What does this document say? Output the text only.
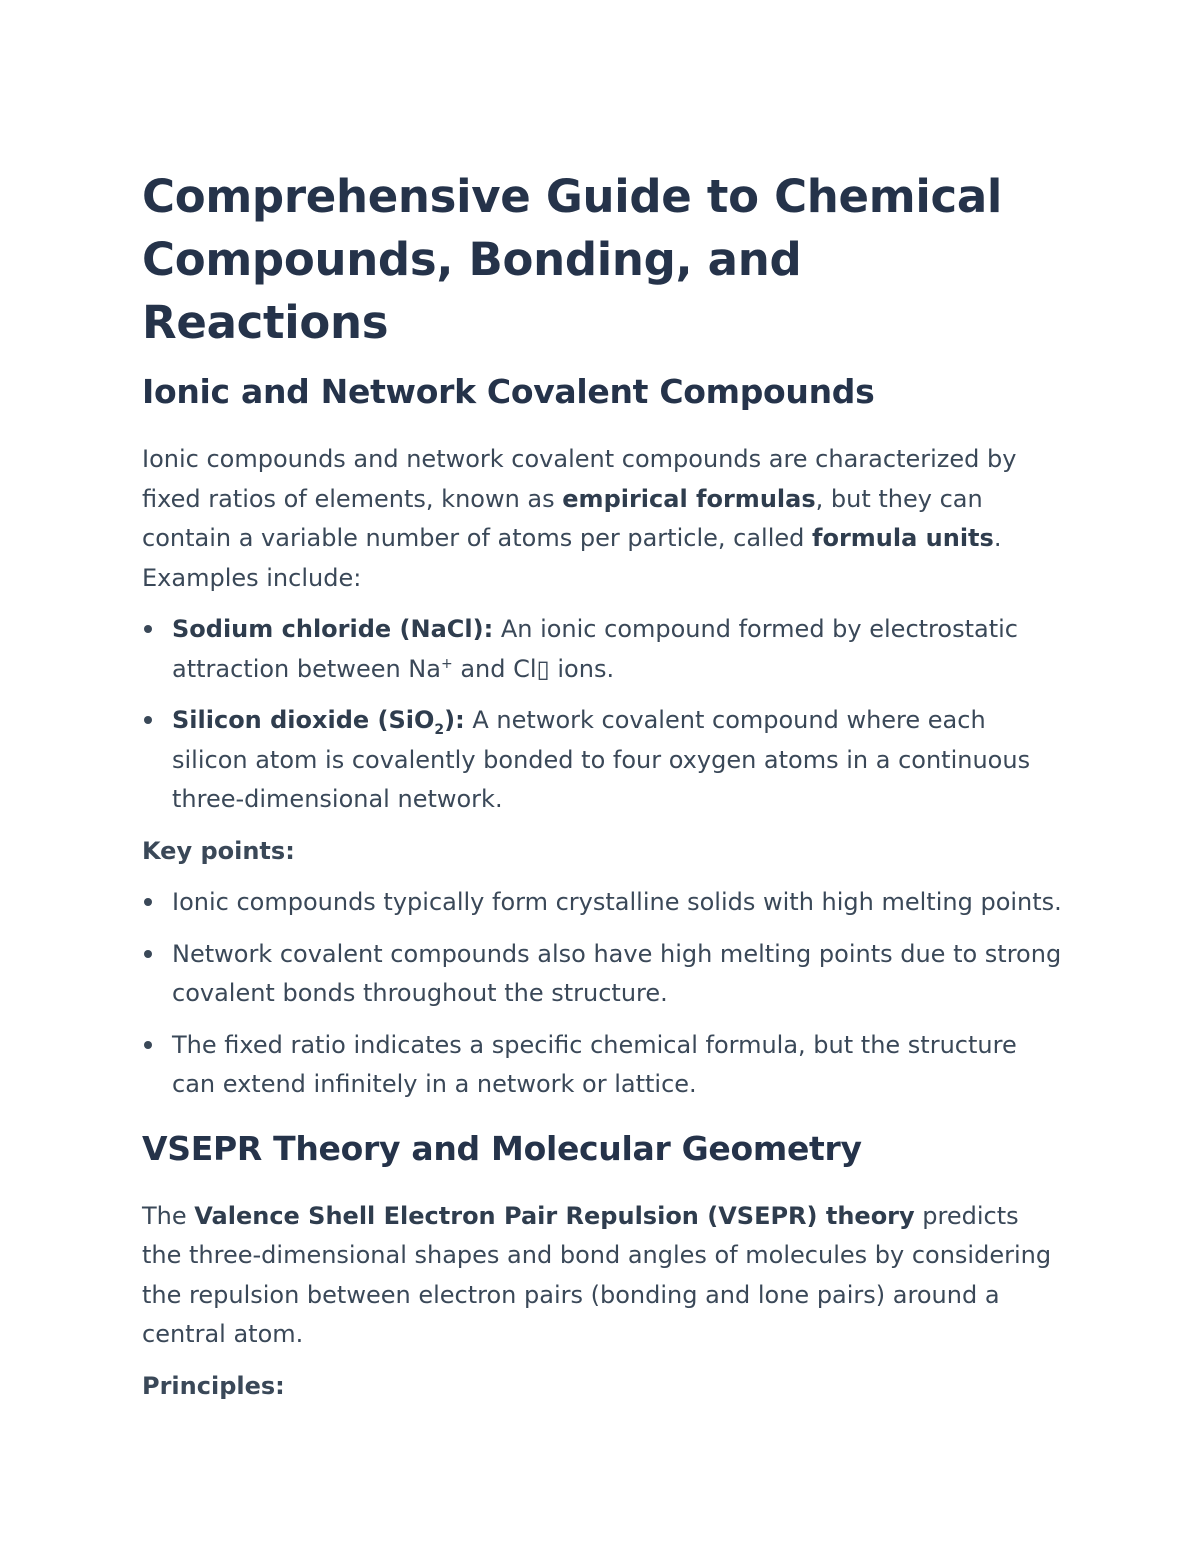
Comprehensive Guide to Chemical Compounds, Bonding, and Reactions
Ionic and Network Covalent Compounds

Ionic compounds and network covalent compounds are characterized by fixed ratios of elements, known as empirical formulas, but they can contain a variable number of atoms per particle, called formula units. Examples include:

Sodium chloride (NaCl): An ionic compound formed by electrostatic attraction between Na+ and Cl▯ ions.
Silicon dioxide (SiO$_2$): A network covalent compound where each silicon atom is covalently bonded to four oxygen atoms in a continuous three-dimensional network.

Key points:

Ionic compounds typically form crystalline solids with high melting points.
Network covalent compounds also have high melting points due to strong covalent bonds throughout the structure.
The fixed ratio indicates a specific chemical formula, but the structure can extend infinitely in a network or lattice.
VSEPR Theory and Molecular Geometry

The Valence Shell Electron Pair Repulsion (VSEPR) theory predicts the three-dimensional shapes and bond angles of molecules by considering the repulsion between electron pairs (bonding and lone pairs) around a central atom.

Principles:
